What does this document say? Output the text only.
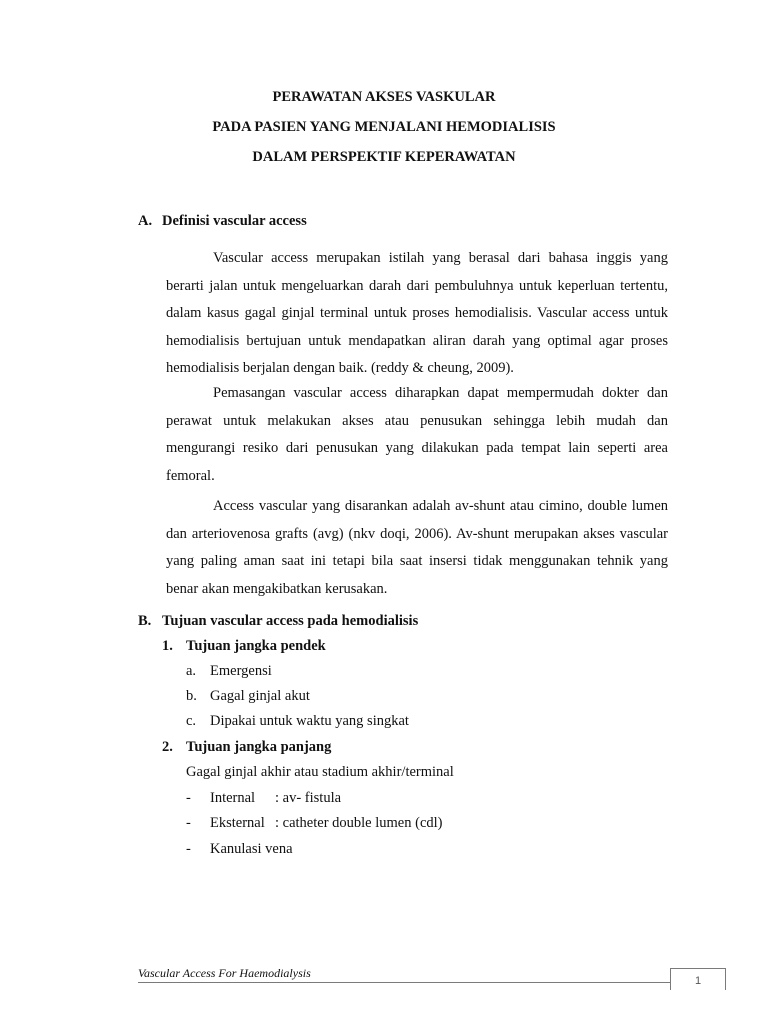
PERAWATAN AKSES VASKULAR
PADA PASIEN YANG MENJALANI HEMODIALISIS
DALAM PERSPEKTIF KEPERAWATAN
A. Definisi vascular access

Vascular access merupakan istilah yang berasal dari bahasa inggis yang berarti jalan untuk mengeluarkan darah dari pembuluhnya untuk keperluan tertentu, dalam kasus gagal ginjal terminal untuk proses hemodialisis. Vascular access untuk hemodialisis bertujuan untuk mendapatkan aliran darah yang optimal agar proses hemodialisis berjalan dengan baik. (reddy & cheung, 2009).

Pemasangan vascular access diharapkan dapat mempermudah dokter dan perawat untuk melakukan akses atau penusukan sehingga lebih mudah dan mengurangi resiko dari penusukan yang dilakukan pada tempat lain seperti area femoral.

Access vascular yang disarankan adalah av-shunt atau cimino, double lumen dan arteriovenosa grafts (avg) (nkv doqi, 2006). Av-shunt merupakan akses vascular yang paling aman saat ini tetapi bila saat insersi tidak menggunakan tehnik yang benar akan mengakibatkan kerusakan.

B. Tujuan vascular access pada hemodialisis
1. Tujuan jangka pendek
a. Emergensi
b. Gagal ginjal akut
c. Dipakai untuk waktu yang singkat
2. Tujuan jangka panjang
Gagal ginjal akhir atau stadium akhir/terminal
- Internal : av- fistula
- Eksternal : catheter double lumen (cdl)
- Kanulasi vena
Vascular Access For Haemodialysis
1
